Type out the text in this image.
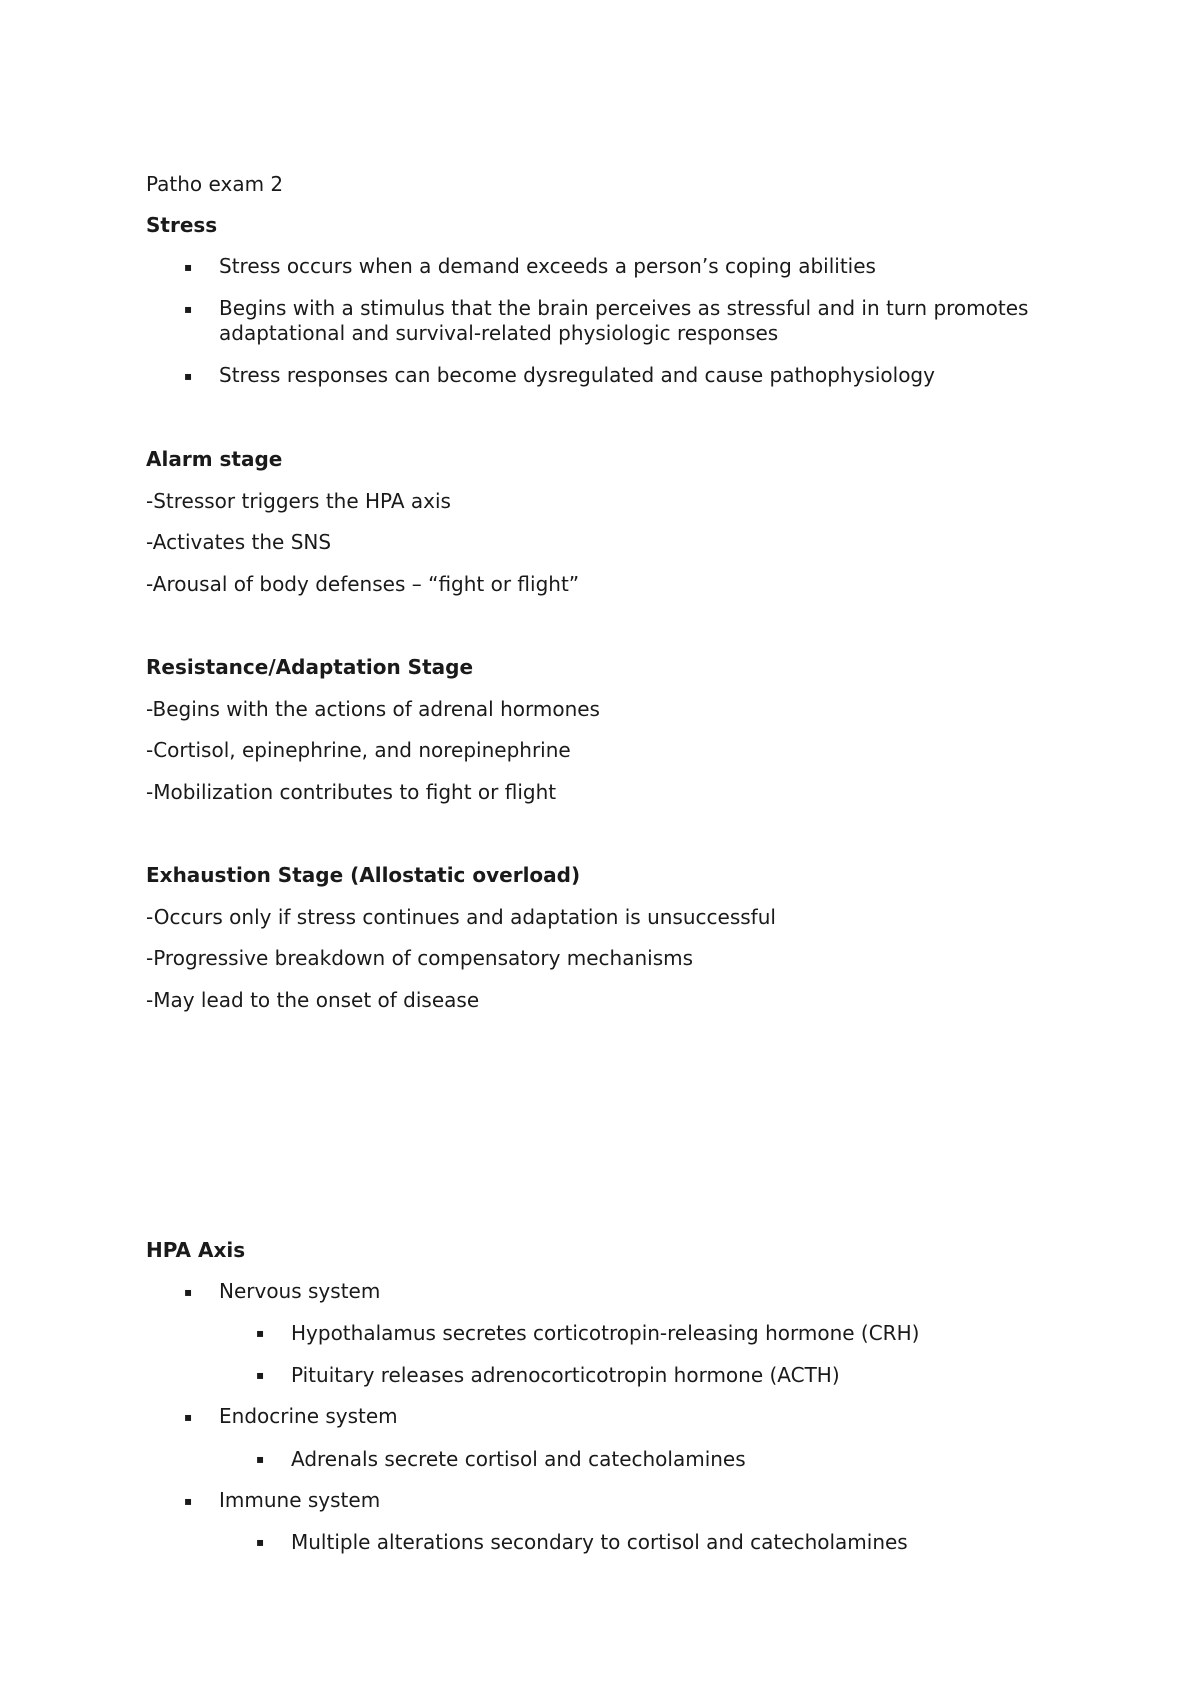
Patho exam 2
Stress
▪ Stress occurs when a demand exceeds a person’s coping abilities
▪ Begins with a stimulus that the brain perceives as stressful and in turn promotes
adaptational and survival-related physiologic responses
▪ Stress responses can become dysregulated and cause pathophysiology
Alarm stage
-Stressor triggers the HPA axis
-Activates the SNS
-Arousal of body defenses – “fight or flight”
Resistance/Adaptation Stage
-Begins with the actions of adrenal hormones
-Cortisol, epinephrine, and norepinephrine
-Mobilization contributes to fight or flight
Exhaustion Stage (Allostatic overload)
-Occurs only if stress continues and adaptation is unsuccessful
-Progressive breakdown of compensatory mechanisms
-May lead to the onset of disease
HPA Axis
▪ Nervous system
▪ Hypothalamus secretes corticotropin-releasing hormone (CRH)
▪ Pituitary releases adrenocorticotropin hormone (ACTH)
▪ Endocrine system
▪ Adrenals secrete cortisol and catecholamines
▪ Immune system
▪ Multiple alterations secondary to cortisol and catecholamines
